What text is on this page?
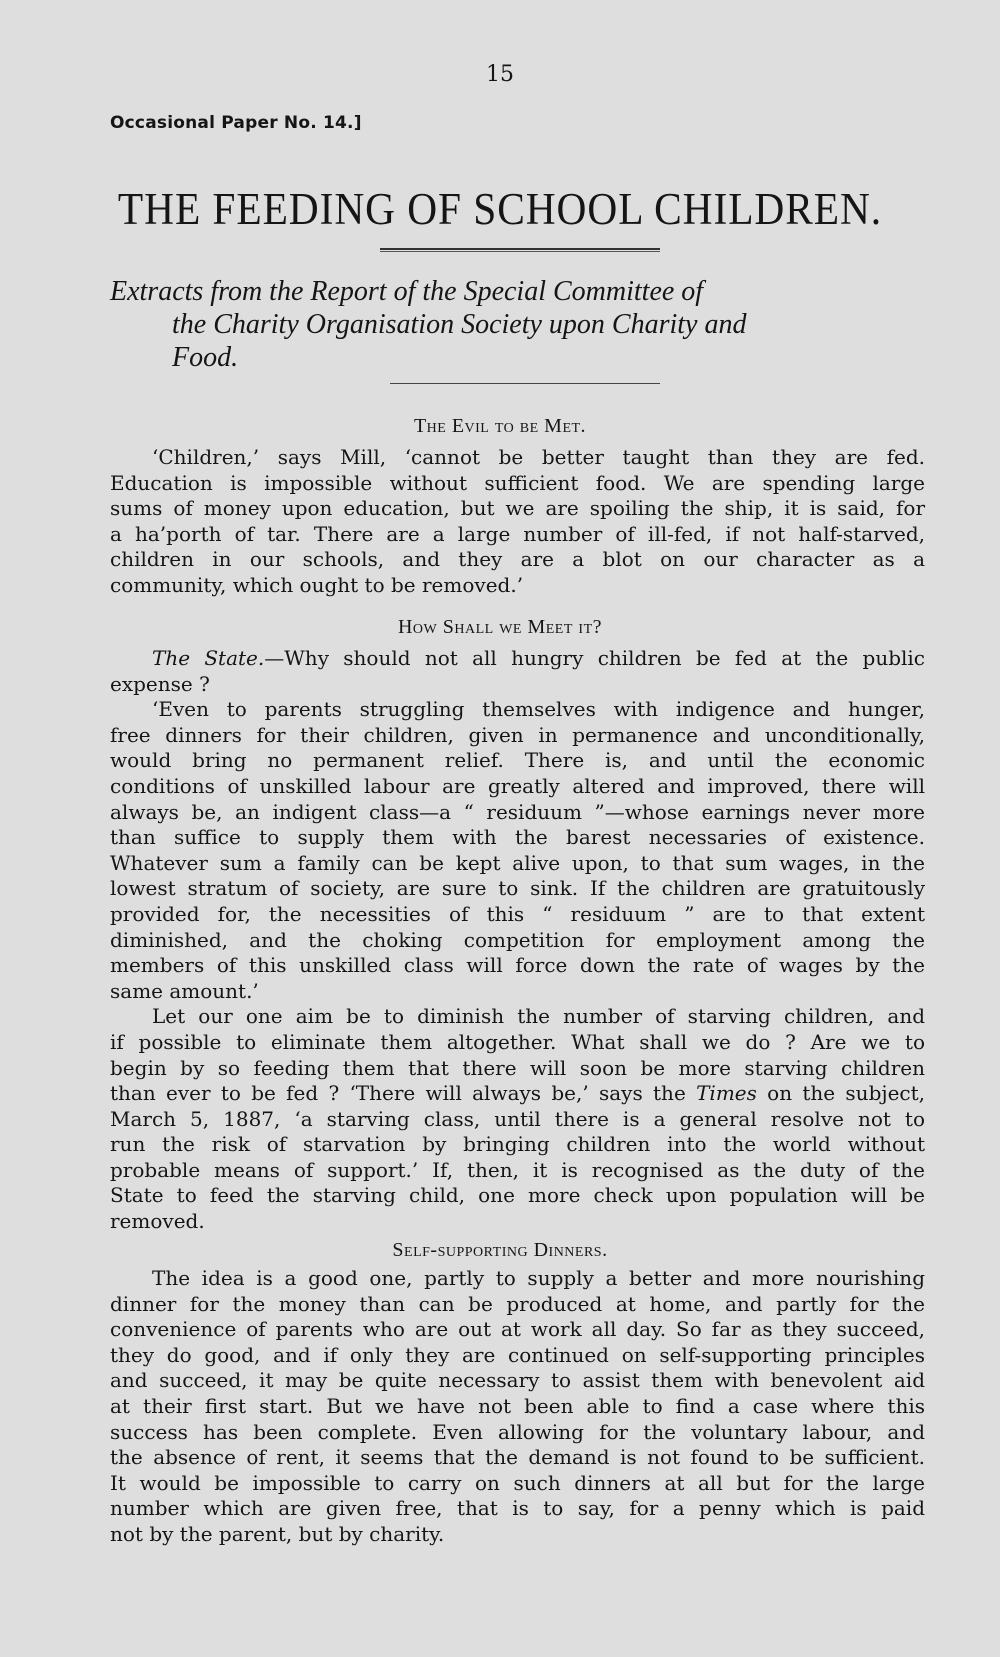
15
Occasional Paper No. 14.]
THE FEEDING OF SCHOOL CHILDREN.
Extracts from the Report of the Special Committee of
the Charity Organisation Society upon Charity and
Food.
The Evil to be Met.
‘Children,’ says Mill, ‘cannot be better taught than they are fed.
Education is impossible without sufficient food. We are spending large
sums of money upon education, but we are spoiling the ship, it is said, for
a ha’porth of tar. There are a large number of ill-fed, if not half-starved,
children in our schools, and they are a blot on our character as a
community, which ought to be removed.’
How Shall we Meet it?
The State.—Why should not all hungry children be fed at the public
expense ?
‘Even to parents struggling themselves with indigence and hunger,
free dinners for their children, given in permanence and unconditionally,
would bring no permanent relief. There is, and until the economic
conditions of unskilled labour are greatly altered and improved, there will
always be, an indigent class—a “ residuum ”—whose earnings never more
than suffice to supply them with the barest necessaries of existence.
Whatever sum a family can be kept alive upon, to that sum wages, in the
lowest stratum of society, are sure to sink. If the children are gratuitously
provided for, the necessities of this “ residuum ” are to that extent
diminished, and the choking competition for employment among the
members of this unskilled class will force down the rate of wages by the
same amount.’
Let our one aim be to diminish the number of starving children, and
if possible to eliminate them altogether. What shall we do ? Are we to
begin by so feeding them that there will soon be more starving children
than ever to be fed ? ‘There will always be,’ says the Times on the subject,
March 5, 1887, ‘a starving class, until there is a general resolve not to
run the risk of starvation by bringing children into the world without
probable means of support.’ If, then, it is recognised as the duty of the
State to feed the starving child, one more check upon population will be
removed.
Self-supporting Dinners.
The idea is a good one, partly to supply a better and more nourishing
dinner for the money than can be produced at home, and partly for the
convenience of parents who are out at work all day. So far as they succeed,
they do good, and if only they are continued on self-supporting principles
and succeed, it may be quite necessary to assist them with benevolent aid
at their first start. But we have not been able to find a case where this
success has been complete. Even allowing for the voluntary labour, and
the absence of rent, it seems that the demand is not found to be sufficient.
It would be impossible to carry on such dinners at all but for the large
number which are given free, that is to say, for a penny which is paid
not by the parent, but by charity.
